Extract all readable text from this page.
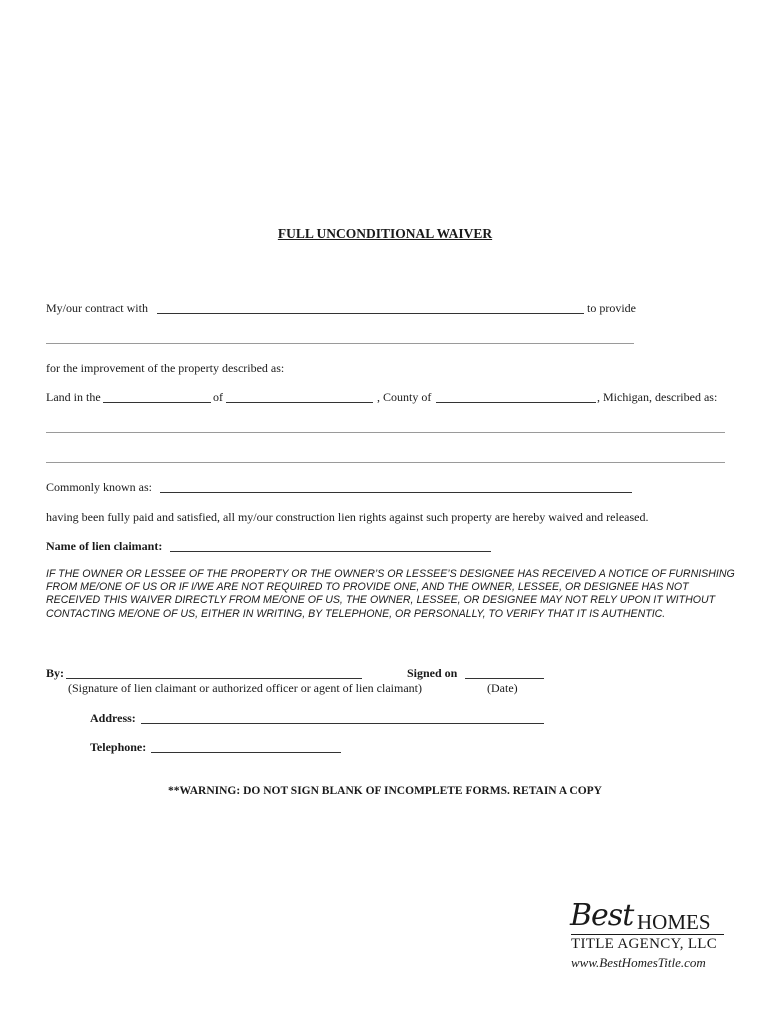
FULL UNCONDITIONAL WAIVER
My/our contract with	to provide
for the improvement of the property described as:
Land in the	of	, County of	, Michigan, described as:
Commonly known as:
having been fully paid and satisfied, all my/our construction lien rights against such property are hereby waived and released.
Name of lien claimant:
IF THE OWNER OR LESSEE OF THE PROPERTY OR THE OWNER’S OR LESSEE’S DESIGNEE HAS RECEIVED A NOTICE OF FURNISHING FROM ME/ONE OF US OR IF I/WE ARE NOT REQUIRED TO PROVIDE ONE, AND THE OWNER, LESSEE, OR DESIGNEE HAS NOT RECEIVED THIS WAIVER DIRECTLY FROM ME/ONE OF US, THE OWNER, LESSEE, OR DESIGNEE MAY NOT RELY UPON IT WITHOUT CONTACTING ME/ONE OF US, EITHER IN WRITING, BY TELEPHONE, OR PERSONALLY, TO VERIFY THAT IT IS AUTHENTIC.
By:	Signed on
(Signature of lien claimant or authorized officer or agent of lien claimant)	(Date)
Address:
Telephone:
**WARNING: DO NOT SIGN BLANK OF INCOMPLETE FORMS. RETAIN A COPY
Best HOMES
TITLE AGENCY, LLC
www.BestHomesTitle.com
